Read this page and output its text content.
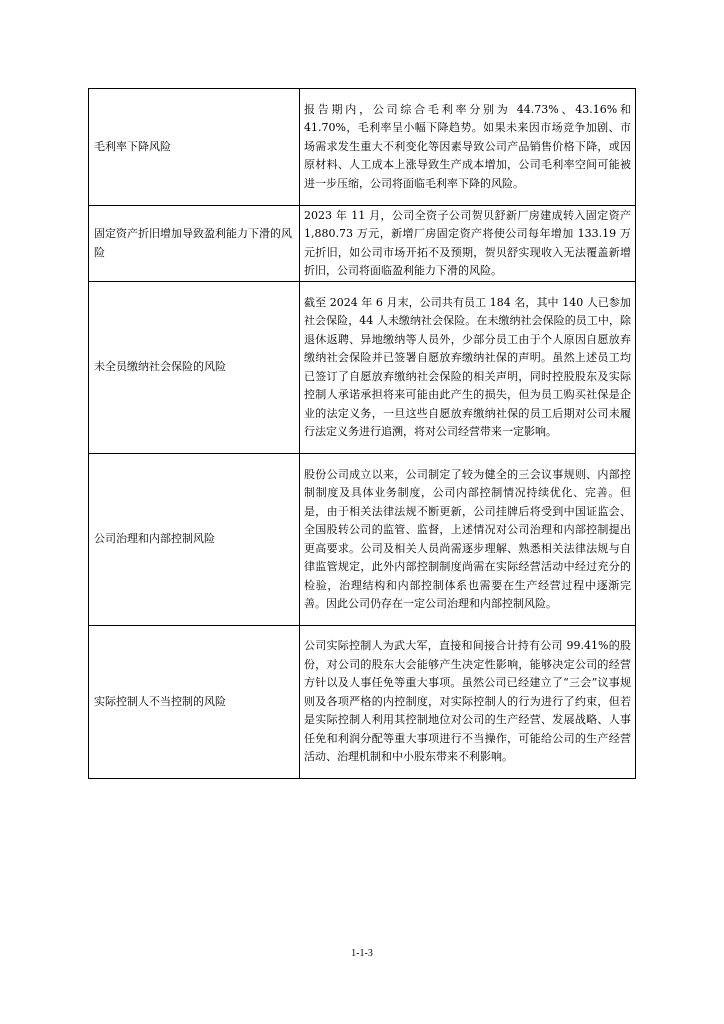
毛利率下降风险	报告期内，公司综合毛利率分别为 44.73%、43.16%和 41.70%，毛利率呈小幅下降趋势。如果未来因市场竞争加剧、市场需求发生重大不利变化等因素导致公司产品销售价格下降，或因原材料、人工成本上涨导致生产成本增加，公司毛利率空间可能被进一步压缩，公司将面临毛利率下降的风险。
固定资产折旧增加导致盈利能力下滑的风险	2023 年 11 月，公司全资子公司贺贝舒新厂房建成转入固定资产 1,880.73 万元，新增厂房固定资产将使公司每年增加 133.19 万元折旧，如公司市场开拓不及预期，贺贝舒实现收入无法覆盖新增折旧，公司将面临盈利能力下滑的风险。
未全员缴纳社会保险的风险	截至 2024 年 6 月末，公司共有员工 184 名，其中 140 人已参加社会保险，44 人未缴纳社会保险。在未缴纳社会保险的员工中，除退休返聘、异地缴纳等人员外，少部分员工由于个人原因自愿放弃缴纳社会保险并已签署自愿放弃缴纳社保的声明。虽然上述员工均已签订了自愿放弃缴纳社会保险的相关声明，同时控股股东及实际控制人承诺承担将来可能由此产生的损失，但为员工购买社保是企业的法定义务，一旦这些自愿放弃缴纳社保的员工后期对公司未履行法定义务进行追溯，将对公司经营带来一定影响。
公司治理和内部控制风险	股份公司成立以来，公司制定了较为健全的三会议事规则、内部控制制度及具体业务制度，公司内部控制情况持续优化、完善。但是，由于相关法律法规不断更新，公司挂牌后将受到中国证监会、全国股转公司的监管、监督，上述情况对公司治理和内部控制提出更高要求。公司及相关人员尚需逐步理解、熟悉相关法律法规与自律监管规定，此外内部控制制度尚需在实际经营活动中经过充分的检验，治理结构和内部控制体系也需要在生产经营过程中逐渐完善。因此公司仍存在一定公司治理和内部控制风险。
实际控制人不当控制的风险	公司实际控制人为武大军，直接和间接合计持有公司 99.41%的股份，对公司的股东大会能够产生决定性影响，能够决定公司的经营方针以及人事任免等重大事项。虽然公司已经建立了“三会”议事规则及各项严格的内控制度，对实际控制人的行为进行了约束，但若是实际控制人利用其控制地位对公司的生产经营、发展战略、人事任免和利润分配等重大事项进行不当操作，可能给公司的生产经营活动、治理机制和中小股东带来不利影响。
1-1-3
